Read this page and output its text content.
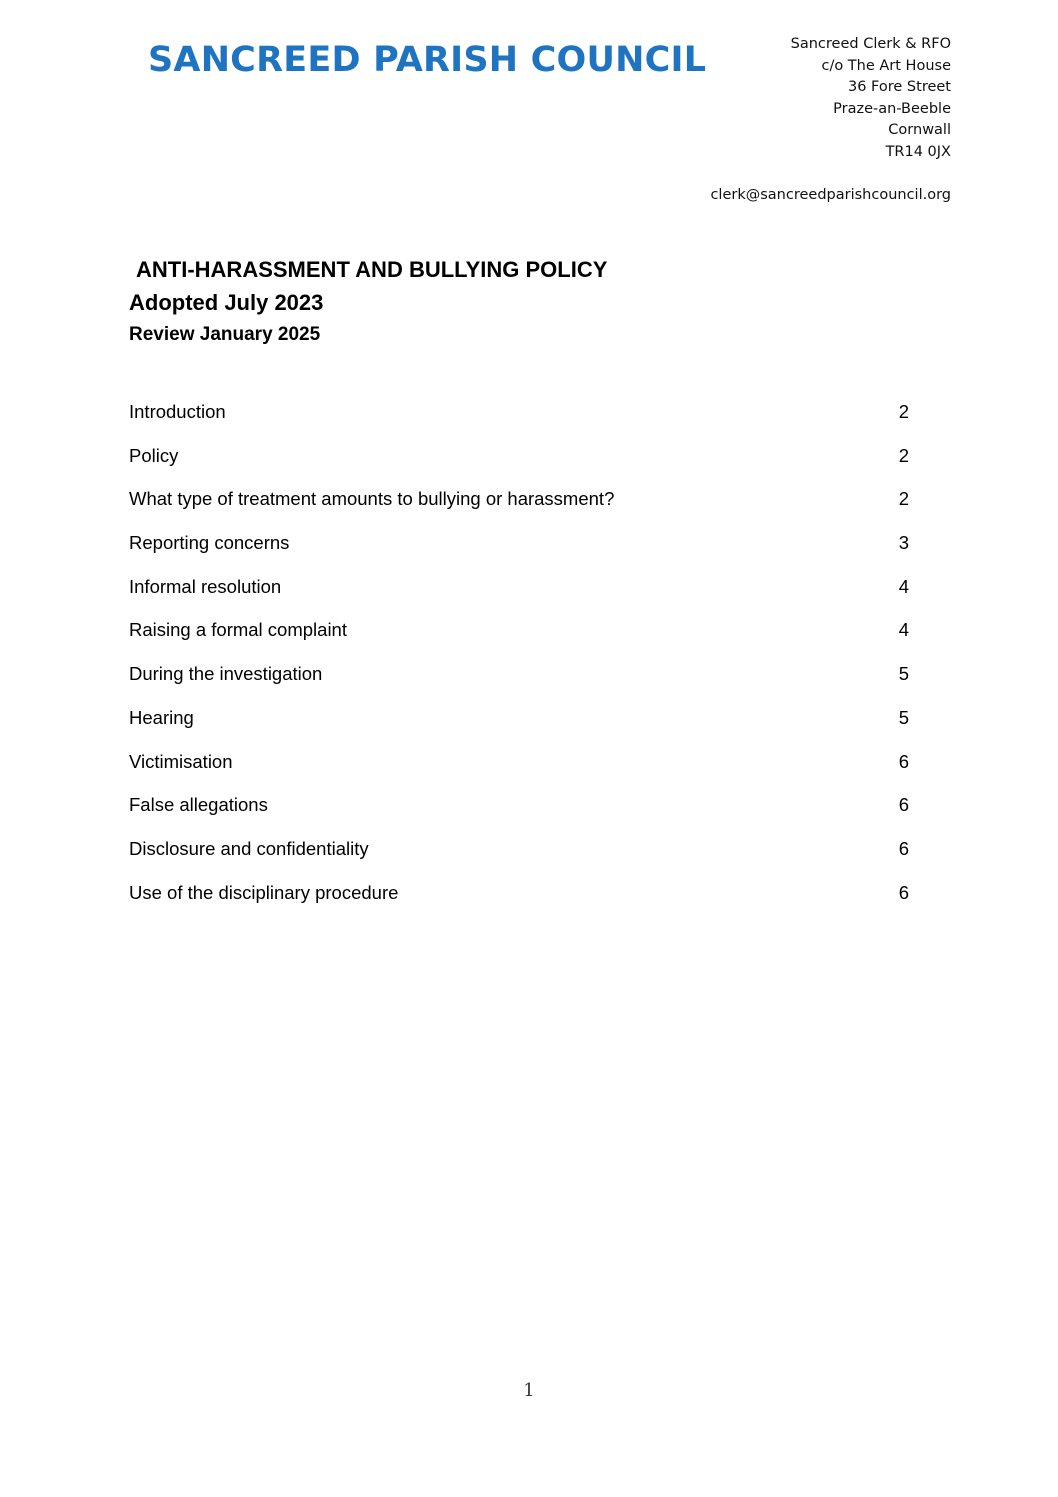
SANCREED PARISH COUNCIL	Sancreed Clerk & RFO
c/o The Art House
36 Fore Street
Praze-an-Beeble
Cornwall
TR14 0JX
clerk@sancreedparishcouncil.org
ANTI-HARASSMENT AND BULLYING POLICY
Adopted July 2023
Review January 2025
Introduction	2
Policy	2
What type of treatment amounts to bullying or harassment?	2
Reporting concerns	3
Informal resolution	4
Raising a formal complaint	4
During the investigation	5
Hearing	5
Victimisation	6
False allegations	6
Disclosure and confidentiality	6
Use of the disciplinary procedure	6
1
